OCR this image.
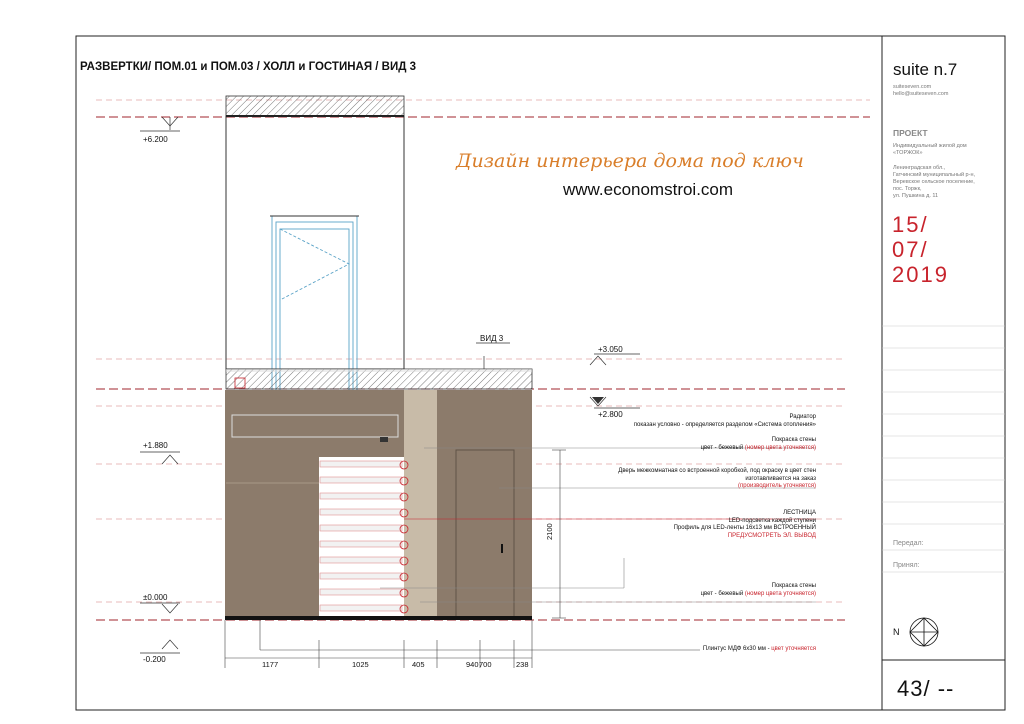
РАЗВЕРТКИ/ ПОМ.01 и ПОМ.03 / ХОЛЛ и ГОСТИНАЯ / ВИД 3	suite n.7
suiteseven.com
hello@suiteseven.com
ПРОЕКТ
Индивидуальный жилой дом
«ТОРЖОК»
Ленинградская обл.,
Гатчинский муниципальный р-н,
Веревское сельское поселение,
пос. Торжк,
ул. Пушкина д. 11
15/
07/
2019
Передал:
Принял:
N
43/ --
Дизайн интерьера дома под ключ
www.economstroi.com
+6.200
+3.050
+2.800
+1.880
±0.000
-0.200
ВИД 3
Радиатор
показан условно - определяется разделом «Система отопления»
Покраска стены
цвет - бежевый (номер цвета уточняется)
Дверь межкомнатная со встроенной коробкой, под окраску в цвет стен
изготавливается на заказ
(производитель уточняется)
ЛЕСТНИЦА
LED-подсветка каждой ступени
Профиль для LED-ленты 16x13 мм ВСТРОЕННЫЙ
ПРЕДУСМОТРЕТЬ ЭЛ. ВЫВОД
Покраска стены
цвет - бежевый (номер цвета уточняется)
Плинтус МДФ 6х30 мм - цвет уточняется
1177	1025	405	940 700	238
2100
